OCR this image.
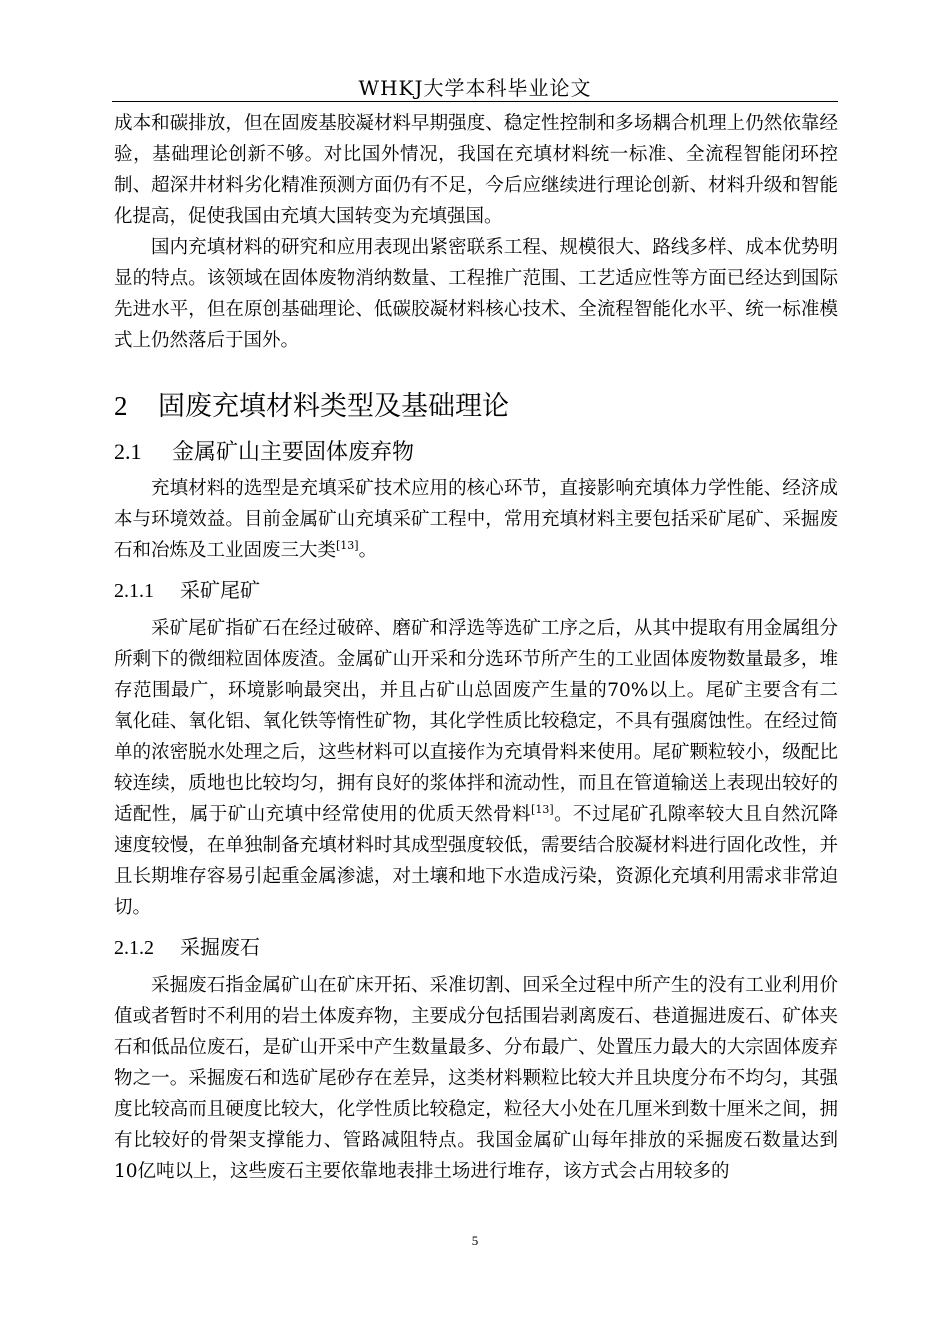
WHKJ大学本科毕业论文

成本和碳排放，但在固废基胶凝材料早期强度、稳定性控制和多场耦合机理上仍然依靠经验，基础理论创新不够。对比国外情况，我国在充填材料统一标准、全流程智能闭环控制、超深井材料劣化精准预测方面仍有不足，今后应继续进行理论创新、材料升级和智能化提高，促使我国由充填大国转变为充填强国。

国内充填材料的研究和应用表现出紧密联系工程、规模很大、路线多样、成本优势明显的特点。该领域在固体废物消纳数量、工程推广范围、工艺适应性等方面已经达到国际先进水平，但在原创基础理论、低碳胶凝材料核心技术、全流程智能化水平、统一标准模式上仍然落后于国外。

2 固废充填材料类型及基础理论
2.1 金属矿山主要固体废弃物

充填材料的选型是充填采矿技术应用的核心环节，直接影响充填体力学性能、经济成本与环境效益。目前金属矿山充填采矿工程中，常用充填材料主要包括采矿尾矿、采掘废石和冶炼及工业固废三大类[13]。

2.1.1 采矿尾矿

采矿尾矿指矿石在经过破碎、磨矿和浮选等选矿工序之后，从其中提取有用金属组分所剩下的微细粒固体废渣。金属矿山开采和分选环节所产生的工业固体废物数量最多，堆存范围最广，环境影响最突出，并且占矿山总固废产生量的70%以上。尾矿主要含有二氧化硅、氧化铝、氧化铁等惰性矿物，其化学性质比较稳定，不具有强腐蚀性。在经过简单的浓密脱水处理之后，这些材料可以直接作为充填骨料来使用。尾矿颗粒较小，级配比较连续，质地也比较均匀，拥有良好的浆体拌和流动性，而且在管道输送上表现出较好的适配性，属于矿山充填中经常使用的优质天然骨料[13]。不过尾矿孔隙率较大且自然沉降速度较慢，在单独制备充填材料时其成型强度较低，需要结合胶凝材料进行固化改性，并且长期堆存容易引起重金属渗滤，对土壤和地下水造成污染，资源化充填利用需求非常迫切。

2.1.2 采掘废石

采掘废石指金属矿山在矿床开拓、采准切割、回采全过程中所产生的没有工业利用价值或者暂时不利用的岩土体废弃物，主要成分包括围岩剥离废石、巷道掘进废石、矿体夹石和低品位废石，是矿山开采中产生数量最多、分布最广、处置压力最大的大宗固体废弃物之一。采掘废石和选矿尾砂存在差异，这类材料颗粒比较大并且块度分布不均匀，其强度比较高而且硬度比较大，化学性质比较稳定，粒径大小处在几厘米到数十厘米之间，拥有比较好的骨架支撑能力、管路减阻特点。我国金属矿山每年排放的采掘废石数量达到10亿吨以上，这些废石主要依靠地表排土场进行堆存，该方式会占用较多的

5
